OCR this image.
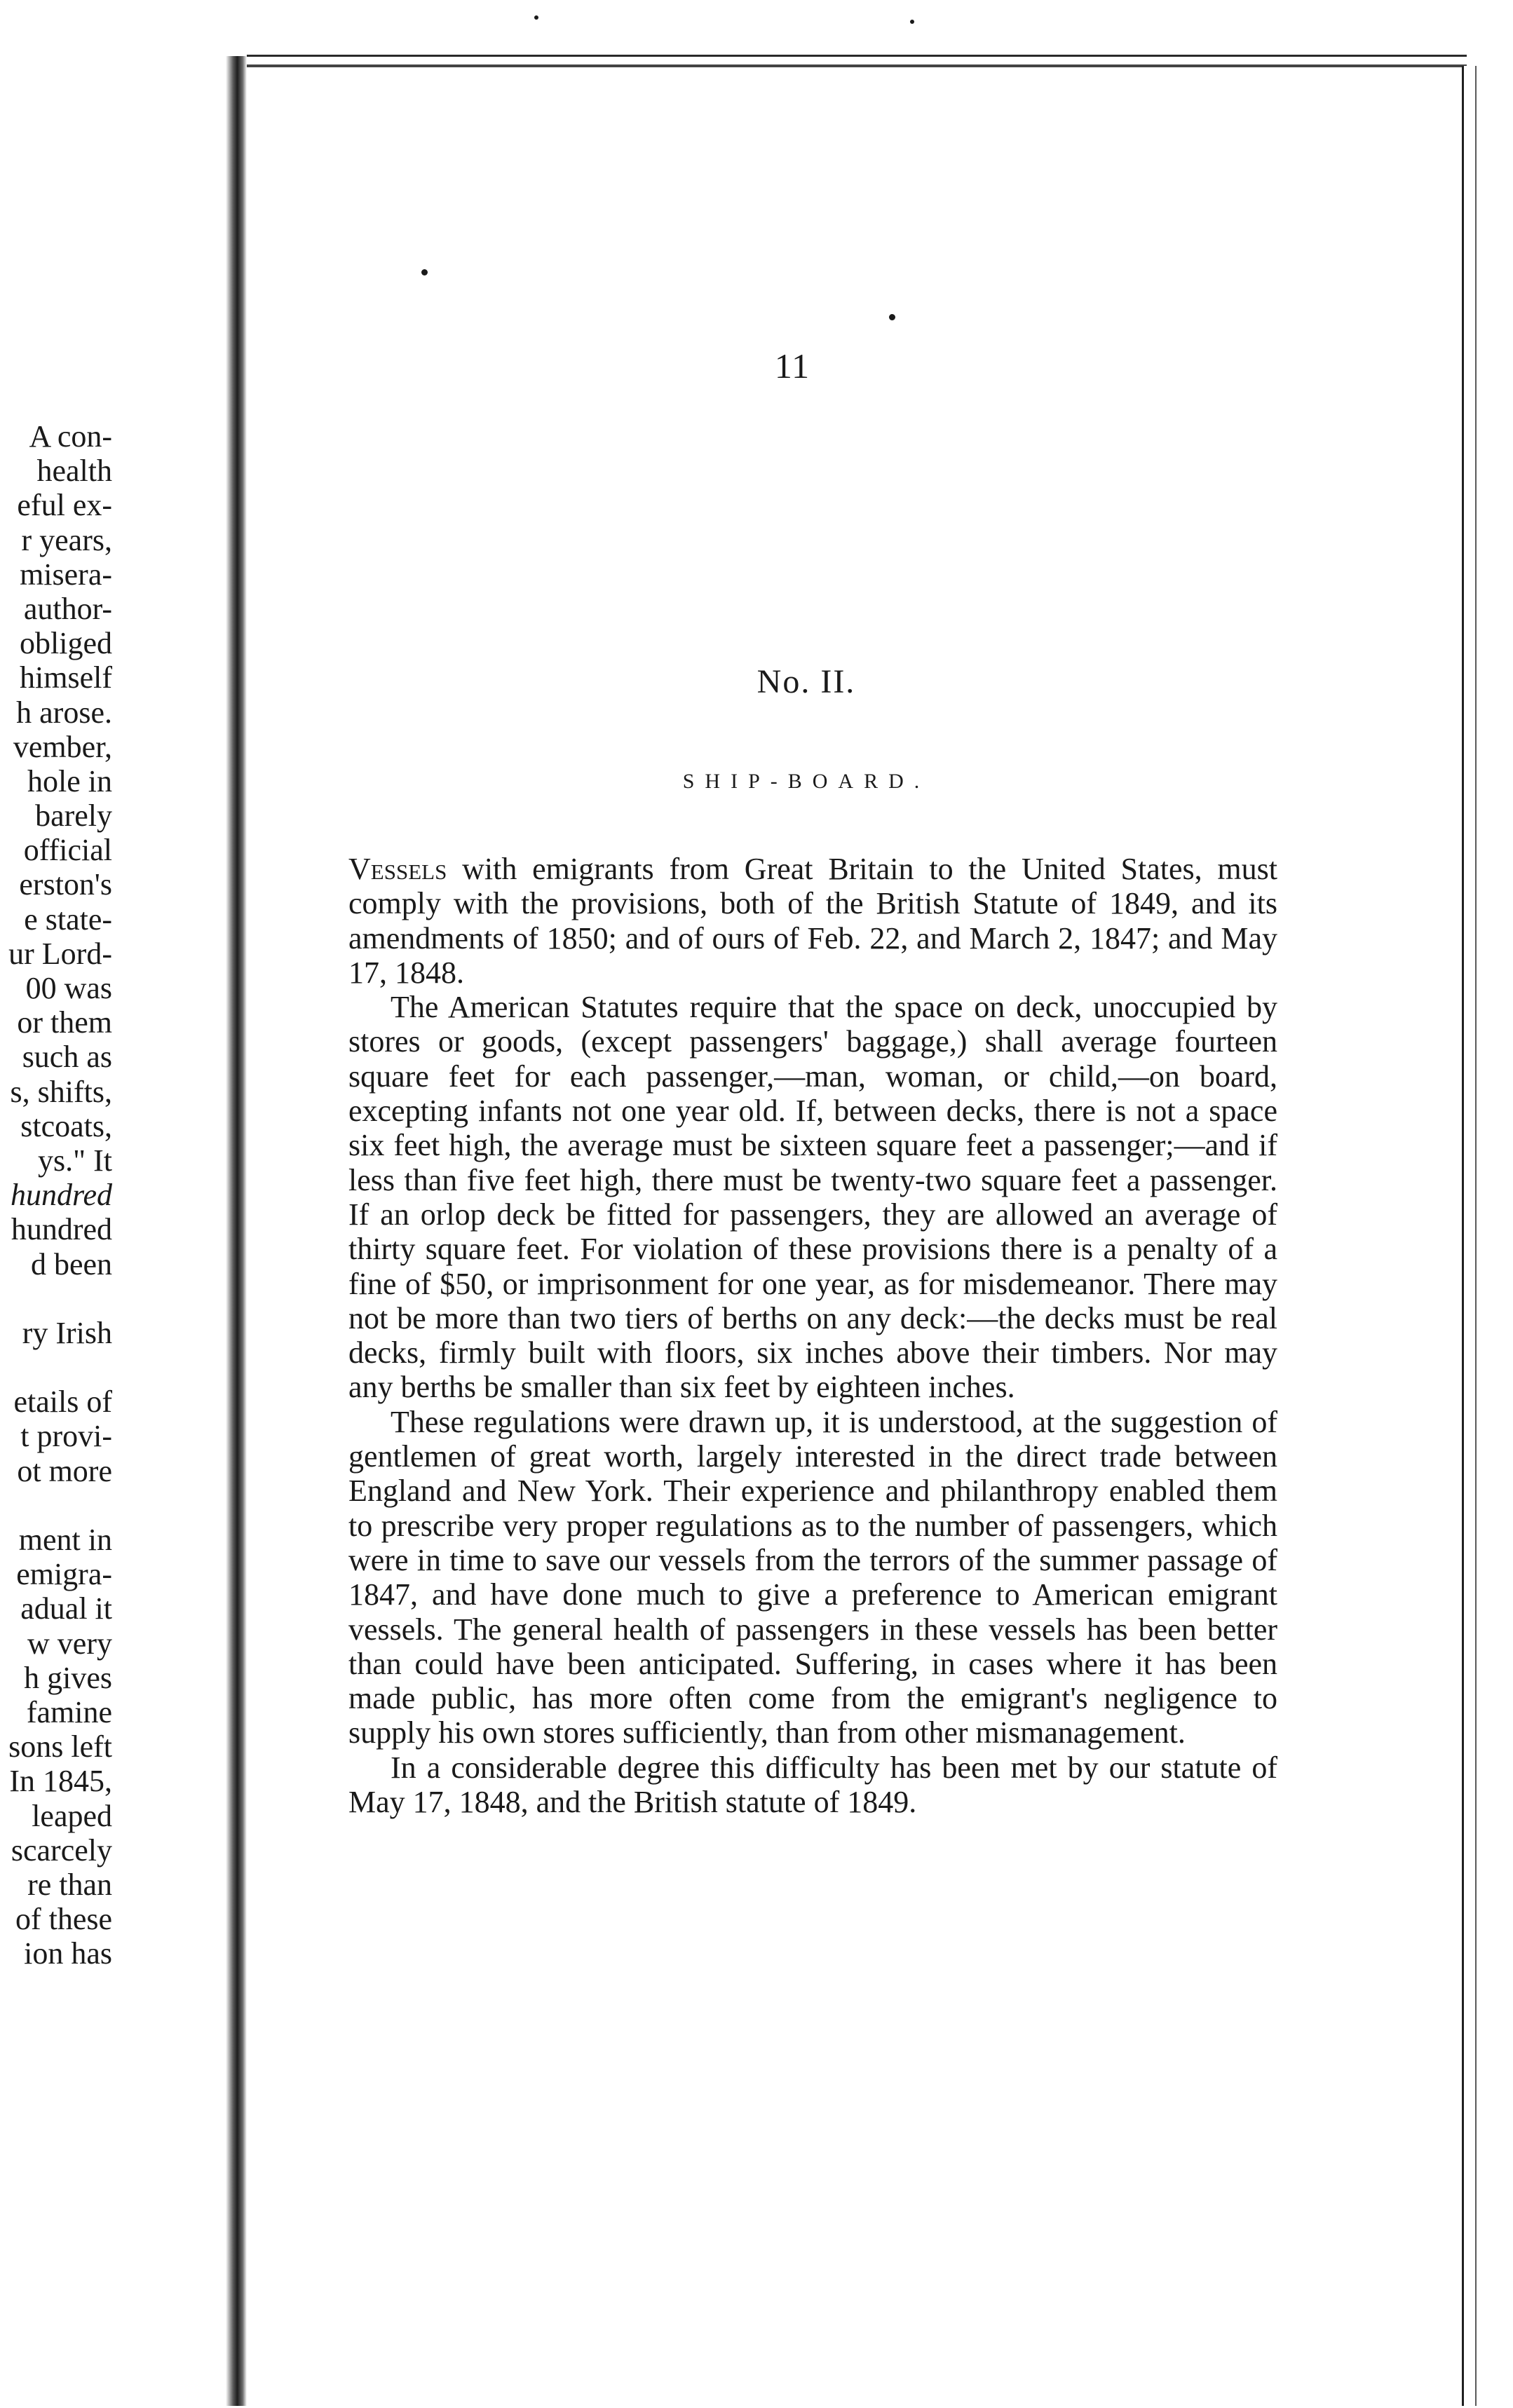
A con-
health
eful ex-
r years,
misera-
author-
obliged
himself
h arose.
vember,
hole in
barely
official
erston's
e state-
ur Lord-
00 was
or them
such as
s, shifts,
stcoats,
ys." It
hundred
hundred
d been
ry Irish
etails of
t provi-
ot more
ment in
emigra-
adual it
w very
h gives
famine
sons left
In 1845,
leaped
scarcely
re than
of these
ion has
11
No. II.
SHIP-BOARD.

Vessels with emigrants from Great Britain to the United States, must comply with the provisions, both of the British Statute of 1849, and its amendments of 1850; and of ours of Feb. 22, and March 2, 1847; and May 17, 1848.

The American Statutes require that the space on deck, unoccupied by stores or goods, (except passengers' baggage,) shall average fourteen square feet for each passenger,—man, woman, or child,—on board, excepting infants not one year old. If, between decks, there is not a space six feet high, the average must be sixteen square feet a passenger;—and if less than five feet high, there must be twenty-two square feet a passenger. If an orlop deck be fitted for passengers, they are allowed an average of thirty square feet. For violation of these provisions there is a penalty of a fine of $50, or imprisonment for one year, as for misdemeanor. There may not be more than two tiers of berths on any deck:—the decks must be real decks, firmly built with floors, six inches above their timbers. Nor may any berths be smaller than six feet by eighteen inches.

These regulations were drawn up, it is understood, at the suggestion of gentlemen of great worth, largely interested in the direct trade between England and New York. Their experience and philanthropy enabled them to prescribe very proper regulations as to the number of passengers, which were in time to save our vessels from the terrors of the summer passage of 1847, and have done much to give a preference to American emigrant vessels. The general health of passengers in these vessels has been better than could have been anticipated. Suffering, in cases where it has been made public, has more often come from the emigrant's negligence to supply his own stores sufficiently, than from other mismanagement.

In a considerable degree this difficulty has been met by our statute of May 17, 1848, and the British statute of 1849.
